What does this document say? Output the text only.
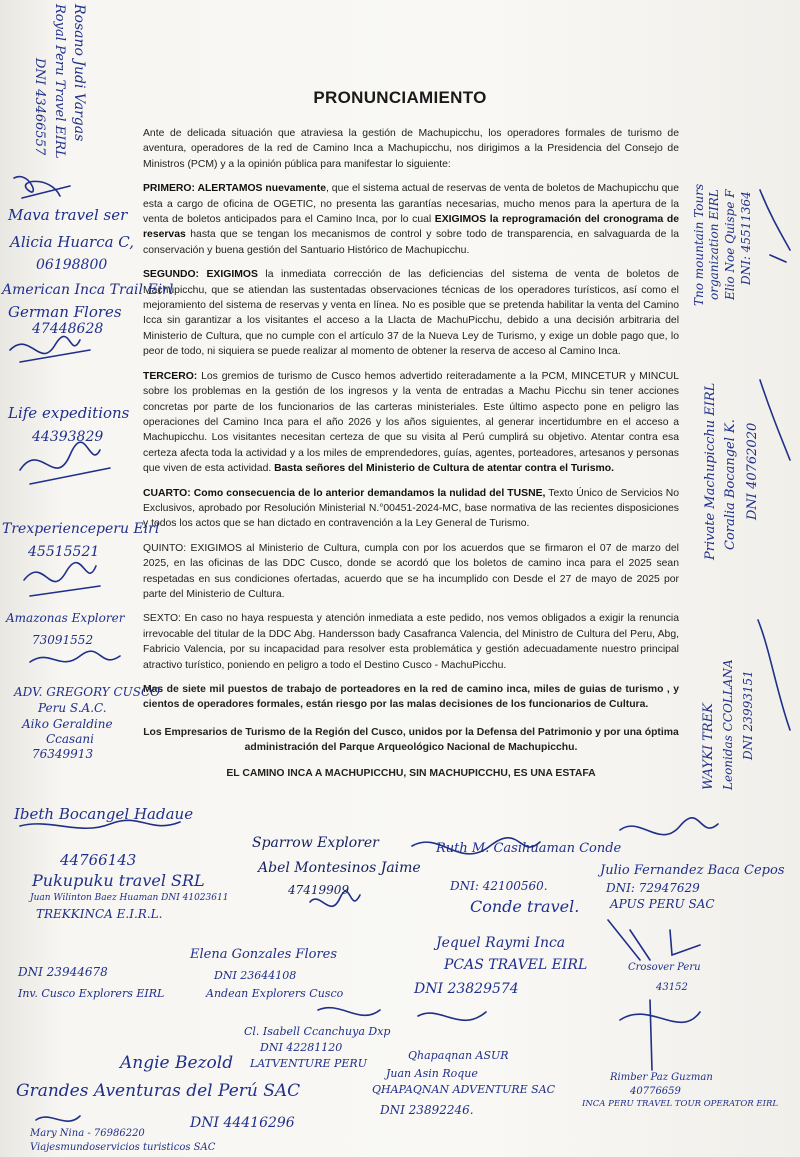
PRONUNCIAMIENTO

Ante de delicada situación que atraviesa la gestión de Machupicchu, los operadores formales de turismo de aventura, operadores de la red de Camino Inca a Machupicchu, nos dirigimos a la Presidencia del Consejo de Ministros (PCM) y a la opinión pública para manifestar lo siguiente:

PRIMERO: ALERTAMOS nuevamente, que el sistema actual de reservas de venta de boletos de Machupicchu que esta a cargo de oficina de OGETIC, no presenta las garantías necesarias, mucho menos para la apertura de la venta de boletos anticipados para el Camino Inca, por lo cual EXIGIMOS la reprogramación del cronograma de reservas hasta que se tengan los mecanismos de control y sobre todo de transparencia, en salvaguarda de la conservación y buena gestión del Santuario Histórico de Machupicchu.

SEGUNDO: EXIGIMOS la inmediata corrección de las deficiencias del sistema de venta de boletos de Machupicchu, que se atiendan las sustentadas observaciones técnicas de los operadores turísticos, así como el mejoramiento del sistema de reservas y venta en línea. No es posible que se pretenda habilitar la venta del Camino Icca sin garantizar a los visitantes el acceso a la Llacta de MachuPicchu, debido a una decisión arbitraria del Ministerio de Cultura, que no cumple con el artículo 37 de la Nueva Ley de Turismo, y exige un doble pago que, lo peor de todo, ni siquiera se puede realizar al momento de obtener la reserva de acceso al Camino Inca.

TERCERO: Los gremios de turismo de Cusco hemos advertido reiteradamente a la PCM, MINCETUR y MINCUL sobre los problemas en la gestión de los ingresos y la venta de entradas a Machu Picchu sin tener acciones concretas por parte de los funcionarios de las carteras ministeriales. Este último aspecto pone en peligro las operaciones del Camino Inca para el año 2026 y los años siguientes, al generar incertidumbre en el acceso a Machupicchu. Los visitantes necesitan certeza de que su visita al Perú cumplirá su objetivo. Atentar contra esa certeza afecta toda la actividad y a los miles de emprendedores, guías, agentes, porteadores, artesanos y personas que viven de esta actividad. Basta señores del Ministerio de Cultura de atentar contra el Turismo.

CUARTO: Como consecuencia de lo anterior demandamos la nulidad del TUSNE, Texto Único de Servicios No Exclusivos, aprobado por Resolución Ministerial N.°00451-2024-MC, base normativa de las recientes disposiciones y todos los actos que se han dictado en contravención a la Ley General de Turismo.

QUINTO: EXIGIMOS al Ministerio de Cultura, cumpla con por los acuerdos que se firmaron el 07 de marzo del 2025, en las oficinas de las DDC Cusco, donde se acordó que los boletos de camino inca para el 2025 sean respetadas en sus condiciones ofertadas, acuerdo que se ha incumplido con Desde el 27 de mayo de 2025 por parte del Ministerio de Cultura.

SEXTO: En caso no haya respuesta y atención inmediata a este pedido, nos vemos obligados a exigir la renuncia irrevocable del titular de la DDC Abg. Handersson bady Casafranca Valencia, del Ministro de Cultura del Peru, Abg, Fabricio Valencia, por su incapacidad para resolver esta problemática y gestión adecuadamente nuestro principal atractivo turístico, poniendo en peligro a todo el Destino Cusco - MachuPicchu.

Mas de siete mil puestos de trabajo de porteadores en la red de camino inca, miles de guias de turismo , y cientos de operadores formales, están riesgo por las malas decisiones de los funcionarios de Cultura.

Los Empresarios de Turismo de la Región del Cusco, unidos por la Defensa del Patrimonio y por una óptima administración del Parque Arqueológico Nacional de Machupicchu.

EL CAMINO INCA A MACHUPICCHU, SIN MACHUPICCHU, ES UNA ESTAFA

Rosano Judi Vargas
Royal Peru Travel EIRL
DNI 43466557
Mava travel ser
Alicia Huarca C,
06198800
American Inca Trail Eirl
German Flores
47448628
Life expeditions
44393829
Trexperienceperu Eirl
45515521
Amazonas Explorer
73091552
ADV. GREGORY CUSCO
Peru S.A.C.
Aiko Geraldine
Ccasani
76349913
Tno mountain Tours organization EIRL Elio Noe Quispe F DNI: 45511364
Private Machupicchu EIRL Coralia Bocangel K. DNI 40762020
WAYKI TREK Leonidas CCOLLANA DNI 23993151
Ibeth Bocangel Hadaue
44766143
Pukupuku travel SRL
Juan Wilinton Baez Huaman DNI 41023611
TREKKINCA E.I.R.L.
DNI 23944678
Inv. Cusco Explorers EIRL
Sparrow Explorer
Abel Montesinos Jaime
47419909
Elena Gonzales Flores
DNI 23644108
Andean Explorers Cusco
Ruth M. Casihuaman Conde
DNI: 42100560.
Conde travel.
Julio Fernandez Baca Cepos
DNI: 72947629
APUS PERU SAC
Crosover Peru
43152
Jequel Raymi Inca
PCAS TRAVEL EIRL
DNI 23829574
Cl. Isabell Ccanchuya Dxp
DNI 42281120
LATVENTURE PERU
Qhapaqnan ASUR
Juan Asin Roque
QHAPAQNAN ADVENTURE SAC
DNI 23892246.
Angie Bezold
Grandes Aventuras del Perú SAC
DNI 44416296
Rimber Paz Guzman
40776659
INCA PERU TRAVEL TOUR OPERATOR EIRL
Mary Nina - 76986220
Viajesmundoservicios turisticos SAC
